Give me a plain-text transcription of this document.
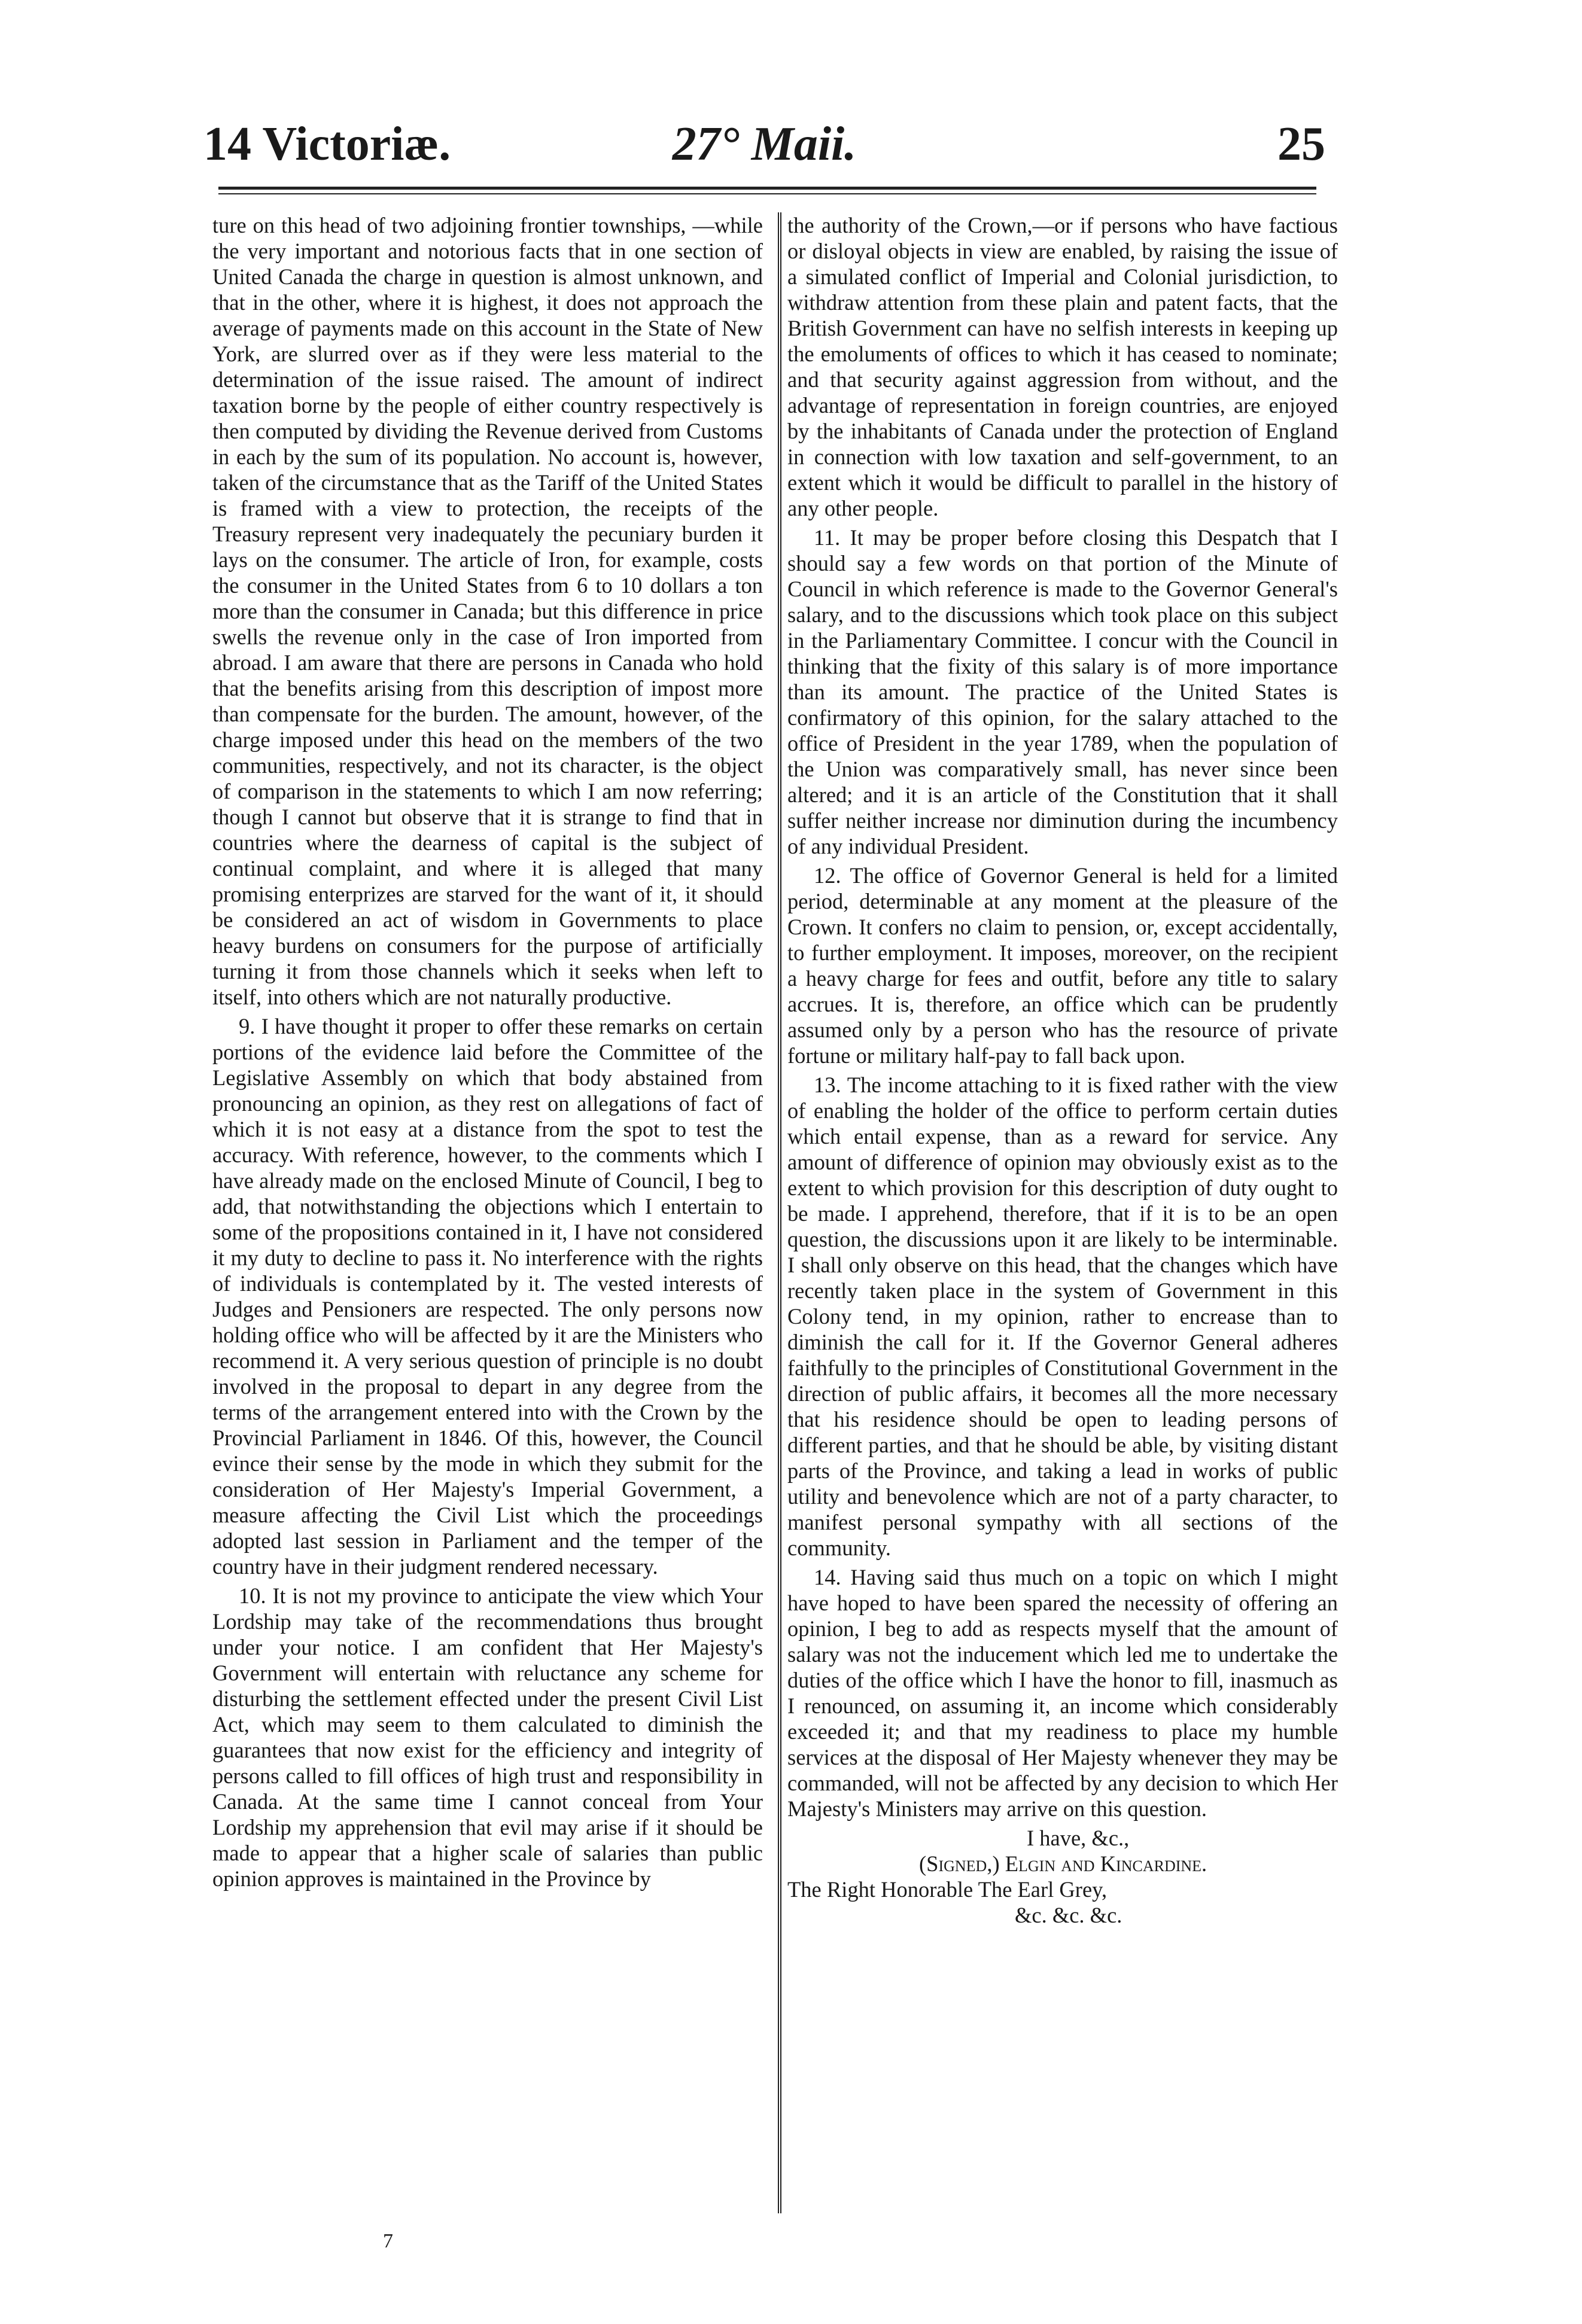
14 Victoriæ.	27° Maii.	25

ture on this head of two adjoining frontier townships, —while the very important and notorious facts that in one section of United Canada the charge in question is almost unknown, and that in the other, where it is highest, it does not approach the average of payments made on this account in the State of New York, are slurred over as if they were less material to the determination of the issue raised. The amount of indirect taxation borne by the people of either country respectively is then computed by dividing the Revenue derived from Customs in each by the sum of its population. No account is, however, taken of the circumstance that as the Tariff of the United States is framed with a view to protection, the receipts of the Treasury represent very inadequately the pecuniary burden it lays on the consumer. The article of Iron, for example, costs the consumer in the United States from 6 to 10 dollars a ton more than the consumer in Canada; but this difference in price swells the revenue only in the case of Iron imported from abroad. I am aware that there are persons in Canada who hold that the benefits arising from this description of impost more than compensate for the burden. The amount, however, of the charge imposed under this head on the members of the two communities, respectively, and not its character, is the object of comparison in the statements to which I am now referring; though I cannot but observe that it is strange to find that in countries where the dearness of capital is the subject of continual complaint, and where it is alleged that many promising enterprizes are starved for the want of it, it should be considered an act of wisdom in Governments to place heavy burdens on consumers for the purpose of artificially turning it from those channels which it seeks when left to itself, into others which are not naturally productive.

9. I have thought it proper to offer these remarks on certain portions of the evidence laid before the Committee of the Legislative Assembly on which that body abstained from pronouncing an opinion, as they rest on allegations of fact of which it is not easy at a distance from the spot to test the accuracy. With reference, however, to the comments which I have already made on the enclosed Minute of Council, I beg to add, that notwithstanding the objections which I entertain to some of the propositions contained in it, I have not considered it my duty to decline to pass it. No interference with the rights of individuals is contemplated by it. The vested interests of Judges and Pensioners are respected. The only persons now holding office who will be affected by it are the Ministers who recommend it. A very serious question of principle is no doubt involved in the proposal to depart in any degree from the terms of the arrangement entered into with the Crown by the Provincial Parliament in 1846. Of this, however, the Council evince their sense by the mode in which they submit for the consideration of Her Majesty's Imperial Government, a measure affecting the Civil List which the proceedings adopted last session in Parliament and the temper of the country have in their judgment rendered necessary.

10. It is not my province to anticipate the view which Your Lordship may take of the recommendations thus brought under your notice. I am confident that Her Majesty's Government will entertain with reluctance any scheme for disturbing the settlement effected under the present Civil List Act, which may seem to them calculated to diminish the guarantees that now exist for the efficiency and integrity of persons called to fill offices of high trust and responsibility in Canada. At the same time I cannot conceal from Your Lordship my apprehension that evil may arise if it should be made to appear that a higher scale of salaries than public opinion approves is maintained in the Province by

the authority of the Crown,—or if persons who have factious or disloyal objects in view are enabled, by raising the issue of a simulated conflict of Imperial and Colonial jurisdiction, to withdraw attention from these plain and patent facts, that the British Government can have no selfish interests in keeping up the emoluments of offices to which it has ceased to nominate; and that security against aggression from without, and the advantage of representation in foreign countries, are enjoyed by the inhabitants of Canada under the protection of England in connection with low taxation and self-government, to an extent which it would be difficult to parallel in the history of any other people.

11. It may be proper before closing this Despatch that I should say a few words on that portion of the Minute of Council in which reference is made to the Governor General's salary, and to the discussions which took place on this subject in the Parliamentary Committee. I concur with the Council in thinking that the fixity of this salary is of more importance than its amount. The practice of the United States is confirmatory of this opinion, for the salary attached to the office of President in the year 1789, when the population of the Union was comparatively small, has never since been altered; and it is an article of the Constitution that it shall suffer neither increase nor diminution during the incumbency of any individual President.

12. The office of Governor General is held for a limited period, determinable at any moment at the pleasure of the Crown. It confers no claim to pension, or, except accidentally, to further employment. It imposes, moreover, on the recipient a heavy charge for fees and outfit, before any title to salary accrues. It is, therefore, an office which can be prudently assumed only by a person who has the resource of private fortune or military half-pay to fall back upon.

13. The income attaching to it is fixed rather with the view of enabling the holder of the office to perform certain duties which entail expense, than as a reward for service. Any amount of difference of opinion may obviously exist as to the extent to which provision for this description of duty ought to be made. I apprehend, therefore, that if it is to be an open question, the discussions upon it are likely to be interminable. I shall only observe on this head, that the changes which have recently taken place in the system of Government in this Colony tend, in my opinion, rather to encrease than to diminish the call for it. If the Governor General adheres faithfully to the principles of Constitutional Government in the direction of public affairs, it becomes all the more necessary that his residence should be open to leading persons of different parties, and that he should be able, by visiting distant parts of the Province, and taking a lead in works of public utility and benevolence which are not of a party character, to manifest personal sympathy with all sections of the community.

14. Having said thus much on a topic on which I might have hoped to have been spared the necessity of offering an opinion, I beg to add as respects myself that the amount of salary was not the inducement which led me to undertake the duties of the office which I have the honor to fill, inasmuch as I renounced, on assuming it, an income which considerably exceeded it; and that my readiness to place my humble services at the disposal of Her Majesty whenever they may be commanded, will not be affected by any decision to which Her Majesty's Ministers may arrive on this question.

I have, &c.,
(Signed,) Elgin and Kincardine.
The Right Honorable The Earl Grey,
&c. &c. &c.
7
